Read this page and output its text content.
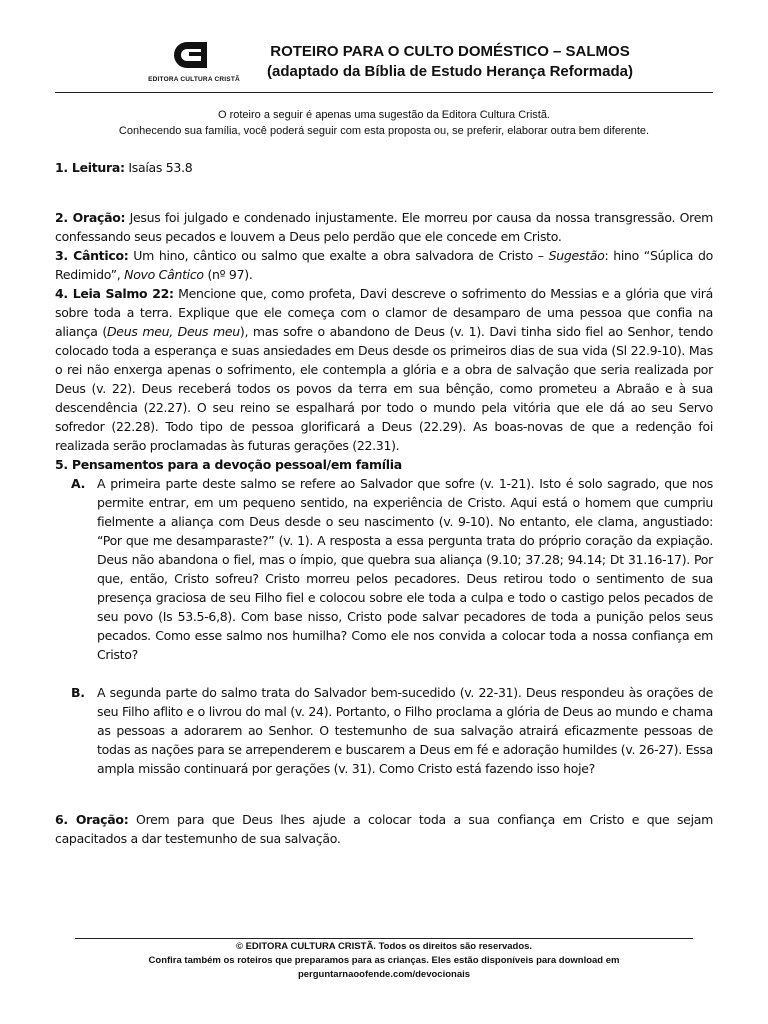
EDITORA CULTURA CRISTÃ
ROTEIRO PARA O CULTO DOMÉSTICO – SALMOS
(adaptado da Bíblia de Estudo Herança Reformada)
O roteiro a seguir é apenas uma sugestão da Editora Cultura Cristã.
Conhecendo sua família, você poderá seguir com esta proposta ou, se preferir, elaborar outra bem diferente.

1. Leitura: Isaías 53.8

2. Oração: Jesus foi julgado e condenado injustamente. Ele morreu por causa da nossa transgressão. Orem confessando seus pecados e louvem a Deus pelo perdão que ele concede em Cristo.

3. Cântico: Um hino, cântico ou salmo que exalte a obra salvadora de Cristo – Sugestão: hino “Súplica do Redimido”, Novo Cântico (nº 97).

4. Leia Salmo 22: Mencione que, como profeta, Davi descreve o sofrimento do Messias e a glória que virá sobre toda a terra. Explique que ele começa com o clamor de desamparo de uma pessoa que confia na aliança (Deus meu, Deus meu), mas sofre o abandono de Deus (v. 1). Davi tinha sido fiel ao Senhor, tendo colocado toda a esperança e suas ansiedades em Deus desde os primeiros dias de sua vida (Sl 22.9-10). Mas o rei não enxerga apenas o sofrimento, ele contempla a glória e a obra de salvação que seria realizada por Deus (v. 22). Deus receberá todos os povos da terra em sua bênção, como prometeu a Abraão e à sua descendência (22.27). O seu reino se espalhará por todo o mundo pela vitória que ele dá ao seu Servo sofredor (22.28). Todo tipo de pessoa glorificará a Deus (22.29). As boas-novas de que a redenção foi realizada serão proclamadas às futuras gerações (22.31).

5. Pensamentos para a devoção pessoal/em família

A. A primeira parte deste salmo se refere ao Salvador que sofre (v. 1-21). Isto é solo sagrado, que nos permite entrar, em um pequeno sentido, na experiência de Cristo. Aqui está o homem que cumpriu fielmente a aliança com Deus desde o seu nascimento (v. 9-10). No entanto, ele clama, angustiado: “Por que me desamparaste?” (v. 1). A resposta a essa pergunta trata do próprio coração da expiação. Deus não abandona o fiel, mas o ímpio, que quebra sua aliança (9.10; 37.28; 94.14; Dt 31.16-17). Por que, então, Cristo sofreu? Cristo morreu pelos pecadores. Deus retirou todo o sentimento de sua presença graciosa de seu Filho fiel e colocou sobre ele toda a culpa e todo o castigo pelos pecados de seu povo (Is 53.5-6,8). Com base nisso, Cristo pode salvar pecadores de toda a punição pelos seus pecados. Como esse salmo nos humilha? Como ele nos convida a colocar toda a nossa confiança em Cristo?
B. A segunda parte do salmo trata do Salvador bem-sucedido (v. 22-31). Deus respondeu às orações de seu Filho aflito e o livrou do mal (v. 24). Portanto, o Filho proclama a glória de Deus ao mundo e chama as pessoas a adorarem ao Senhor. O testemunho de sua salvação atrairá eficazmente pessoas de todas as nações para se arrependerem e buscarem a Deus em fé e adoração humildes (v. 26-27). Essa ampla missão continuará por gerações (v. 31). Como Cristo está fazendo isso hoje?

6. Oração: Orem para que Deus lhes ajude a colocar toda a sua confiança em Cristo e que sejam capacitados a dar testemunho de sua salvação.

© EDITORA CULTURA CRISTÃ. Todos os direitos são reservados.
Confira também os roteiros que preparamos para as crianças. Eles estão disponíveis para download em
perguntarnaoofende.com/devocionais
